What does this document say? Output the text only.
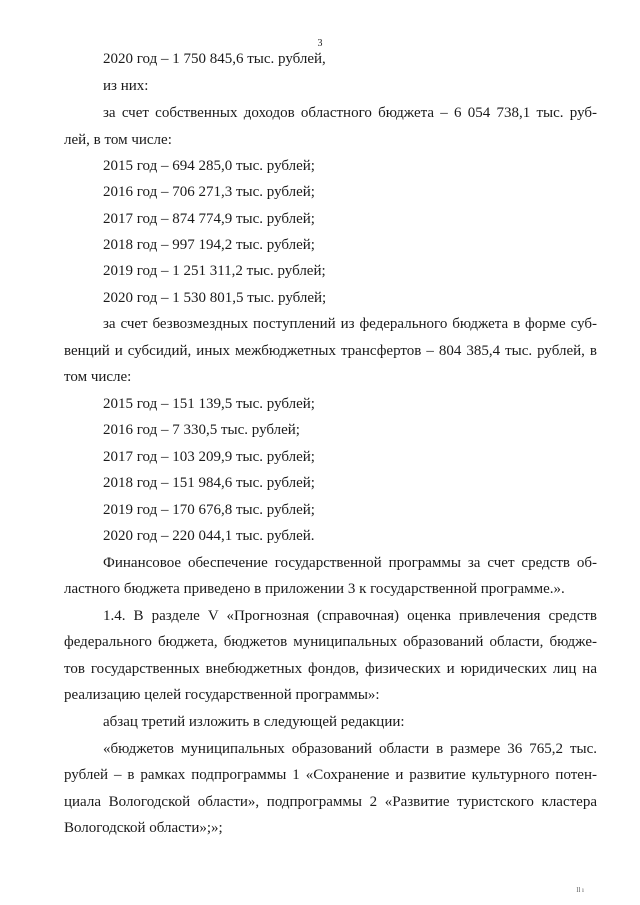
3
2020 год – 1 750 845,6 тыс. рублей,
из них:
за счет собственных доходов областного бюджета – 6 054 738,1 тыс. руб-
лей, в том числе:
2015 год – 694 285,0 тыс. рублей;
2016 год – 706 271,3 тыс. рублей;
2017 год – 874 774,9 тыс. рублей;
2018 год – 997 194,2 тыс. рублей;
2019 год – 1 251 311,2 тыс. рублей;
2020 год – 1 530 801,5 тыс. рублей;
за счет безвозмездных поступлений из федерального бюджета в форме суб-
венций и субсидий, иных межбюджетных трансфертов – 804 385,4 тыс. рублей, в
том числе:
2015 год – 151 139,5 тыс. рублей;
2016 год – 7 330,5 тыс. рублей;
2017 год – 103 209,9 тыс. рублей;
2018 год – 151 984,6 тыс. рублей;
2019 год – 170 676,8 тыс. рублей;
2020 год – 220 044,1 тыс. рублей.
Финансовое обеспечение государственной программы за счет средств об-
ластного бюджета приведено в приложении 3 к государственной программе.».
1.4. В разделе V «Прогнозная (справочная) оценка привлечения средств
федерального бюджета, бюджетов муниципальных образований области, бюдже-
тов государственных внебюджетных фондов, физических и юридических лиц на
реализацию целей государственной программы»:
абзац третий изложить в следующей редакции:
«бюджетов муниципальных образований области в размере 36 765,2 тыс.
рублей – в рамках подпрограммы 1 «Сохранение и развитие культурного потен-
циала Вологодской области», подпрограммы 2 «Развитие туристского кластера
Вологодской области»;»;
ll ı
